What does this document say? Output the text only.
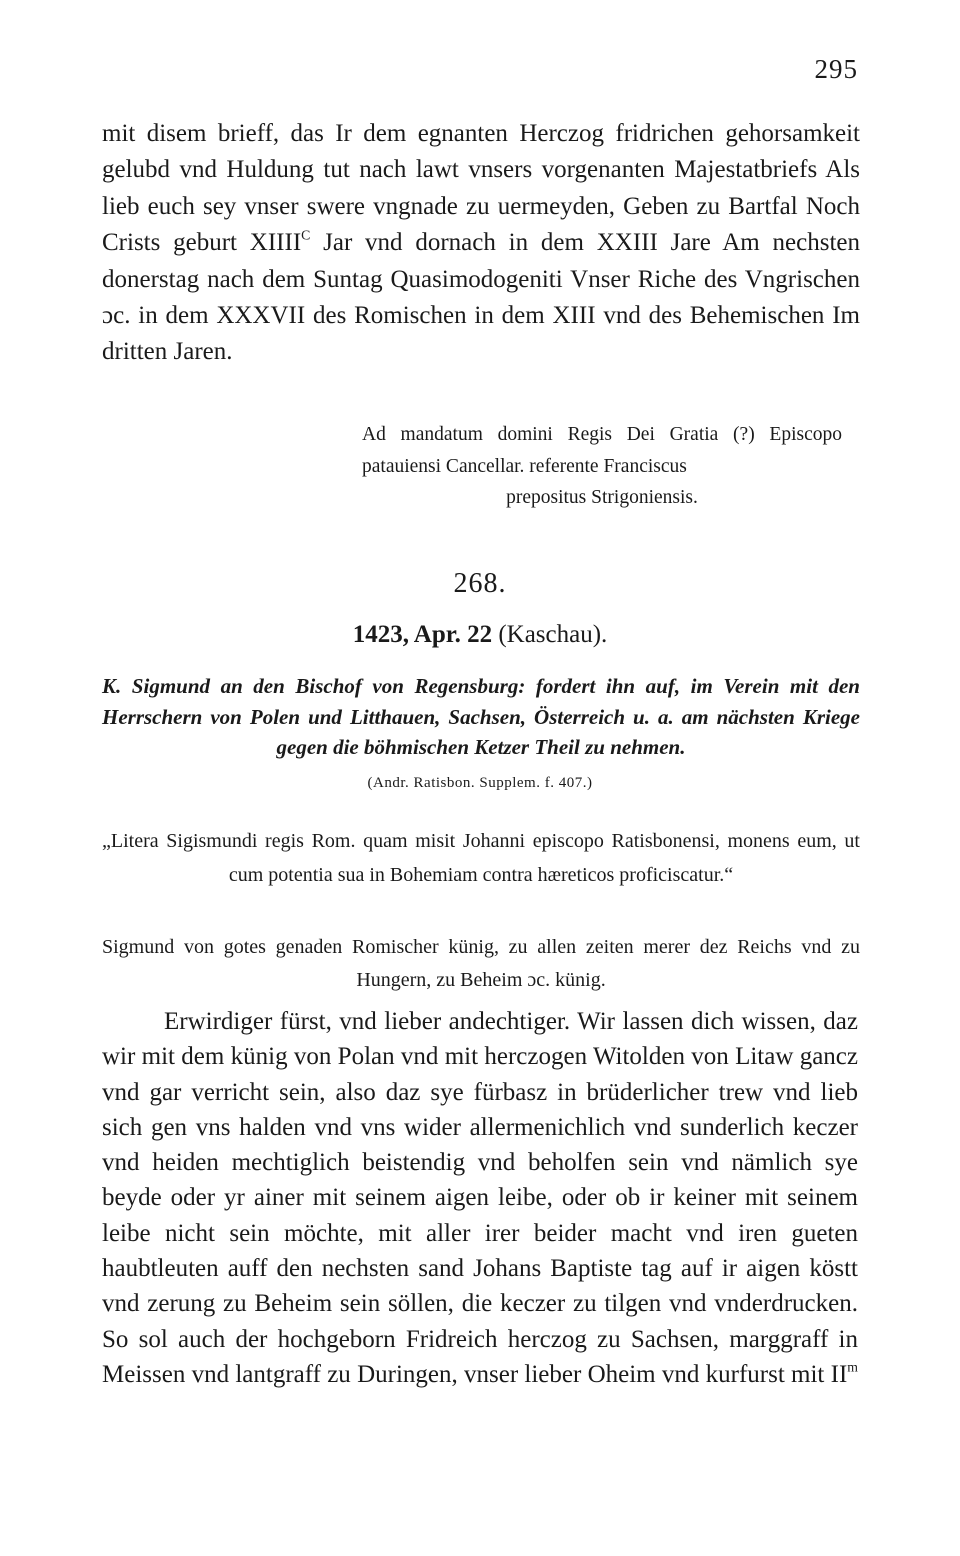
295

mit disem brieff, das Ir dem egnanten Herczog fridrichen gehorsamkeit gelubd vnd Huldung tut nach lawt vnsers vorgenanten Majestatbriefs Als lieb euch sey vnser swere vngnade zu uermeyden, Geben zu Bartfal Noch Crists geburt $XIIII^C$ Jar vnd dornach in dem XXIII Jare Am nechsten donerstag nach dem Suntag Quasimodogeniti Vnser Riche des Vngrischen ɔc. in dem XXXVII des Romischen in dem XIII vnd des Behemischen Im dritten Jaren.

Ad mandatum domini Regis Dei Gratia (?) Episcopo patauiensi Cancellar. referente Franciscus
prepositus Strigoniensis.
268.
1423, Apr. 22 (Kaschau).
K. Sigmund an den Bischof von Regensburg: fordert ihn auf, im Verein mit den Herrschern von Polen und Litthauen, Sachsen, Österreich u. a. am nächsten Kriege gegen die böhmischen Ketzer Theil zu nehmen.
(Andr. Ratisbon. Supplem. f. 407.)
„Litera Sigismundi regis Rom. quam misit Johanni episcopo Ratisbonensi, monens eum, ut cum potentia sua in Bohemiam contra hæreticos proficiscatur.“
Sigmund von gotes genaden Romischer künig, zu allen zeiten merer dez Reichs vnd zu Hungern, zu Beheim ɔc. künig.
Erwirdiger fürst, vnd lieber andechtiger. Wir lassen dich wissen, daz wir mit dem künig von Polan vnd mit herczogen Witolden von Litaw gancz vnd gar verricht sein, also daz sye fürbasz in brüderlicher trew vnd lieb sich gen vns halden vnd vns wider allermenichlich vnd sunderlich keczer vnd heiden mechtiglich beistendig vnd beholfen sein vnd nämlich sye beyde oder yr ainer mit seinem aigen leibe, oder ob ir keiner mit seinem leibe nicht sein möchte, mit aller irer beider macht vnd iren gueten haubtleuten auff den nechsten sand Johans Baptiste tag auf ir aigen köstt vnd zerung zu Beheim sein söllen, die keczer zu tilgen vnd vnderdrucken. So sol auch der hochgeborn Fridreich herczog zu Sachsen, marggraff in Meissen vnd lantgraff zu Duringen, vnser lieber Oheim vnd kurfurst mit $II^m$
